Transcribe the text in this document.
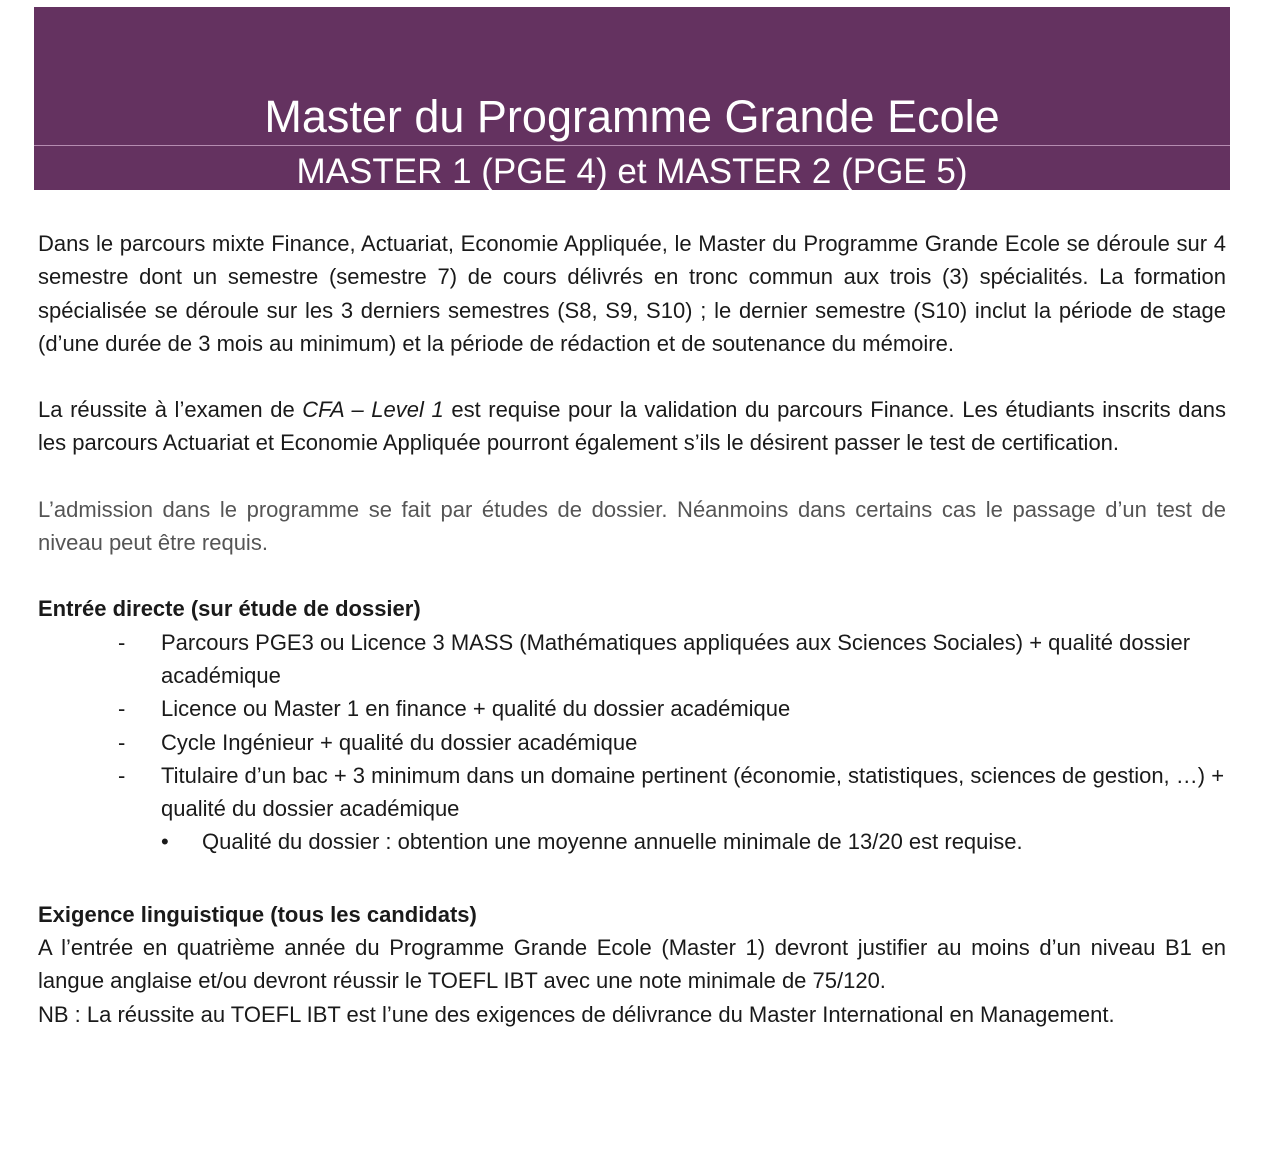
Master du Programme Grande Ecole
MASTER 1 (PGE 4) et MASTER 2 (PGE 5)

Dans le parcours mixte Finance, Actuariat, Economie Appliquée, le Master du Programme Grande Ecole se déroule sur 4 semestre dont un semestre (semestre 7) de cours délivrés en tronc commun aux trois (3) spécialités. La formation spécialisée se déroule sur les 3 derniers semestres (S8, S9, S10) ; le dernier semestre (S10) inclut la période de stage (d’une durée de 3 mois au minimum) et la période de rédaction et de soutenance du mémoire.

La réussite à l’examen de CFA – Level 1 est requise pour la validation du parcours Finance. Les étudiants inscrits dans les parcours Actuariat et Economie Appliquée pourront également s’ils le désirent passer le test de certification.

L’admission dans le programme se fait par études de dossier. Néanmoins dans certains cas le passage d’un test de niveau peut être requis.

Entrée directe (sur étude de dossier)

- Parcours PGE3 ou Licence 3 MASS (Mathématiques appliquées aux Sciences Sociales) + qualité dossier académique
- Licence ou Master 1 en finance + qualité du dossier académique
- Cycle Ingénieur + qualité du dossier académique
- Titulaire d’un bac + 3 minimum dans un domaine pertinent (économie, statistiques, sciences de gestion, …) + qualité du dossier académique
• Qualité du dossier : obtention une moyenne annuelle minimale de 13/20 est requise.

Exigence linguistique (tous les candidats)

A l’entrée en quatrième année du Programme Grande Ecole (Master 1) devront justifier au moins d’un niveau B1 en langue anglaise et/ou devront réussir le TOEFL IBT avec une note minimale de 75/120.

NB : La réussite au TOEFL IBT est l’une des exigences de délivrance du Master International en Management.
